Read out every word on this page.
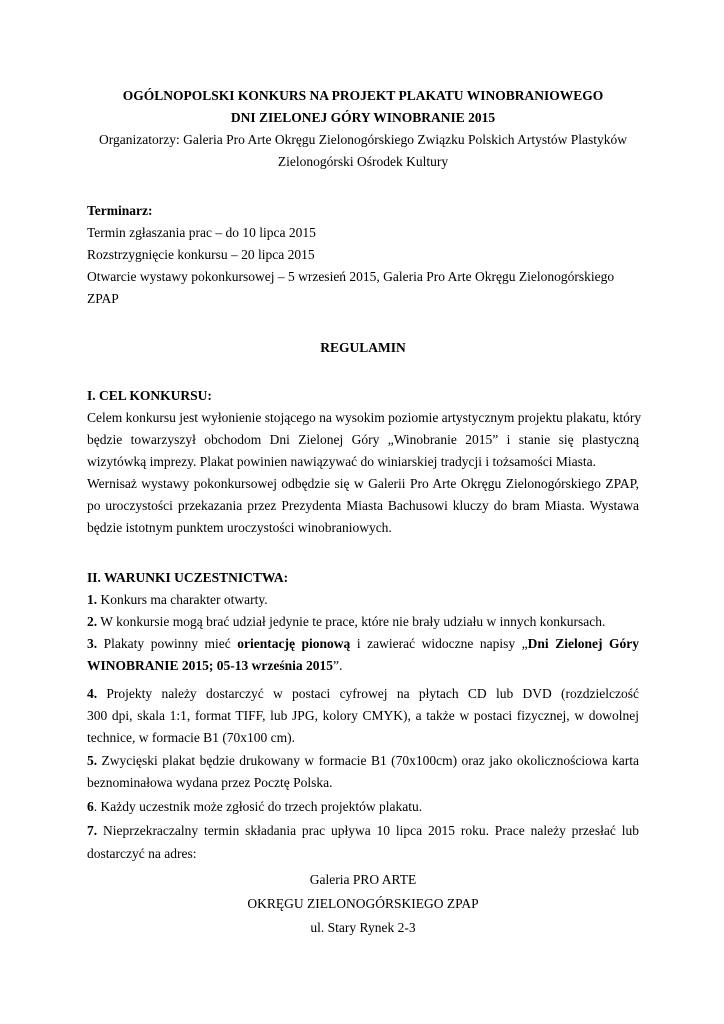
OGÓLNOPOLSKI KONKURS NA PROJEKT PLAKATU WINOBRANIOWEGO
DNI ZIELONEJ GÓRY WINOBRANIE 2015
Organizatorzy: Galeria Pro Arte Okręgu Zielonogórskiego Związku Polskich Artystów Plastyków
Zielonogórski Ośrodek Kultury
Terminarz:
Termin zgłaszania prac – do 10 lipca 2015
Rozstrzygnięcie konkursu – 20 lipca 2015
Otwarcie wystawy pokonkursowej – 5 wrzesień 2015, Galeria Pro Arte Okręgu Zielonogórskiego
ZPAP
REGULAMIN
I. CEL KONKURSU:
Celem konkursu jest wyłonienie stojącego na wysokim poziomie artystycznym projektu plakatu, który
będzie towarzyszył obchodom Dni Zielonej Góry „Winobranie 2015” i stanie się plastyczną
wizytówką imprezy. Plakat powinien nawiązywać do winiarskiej tradycji i tożsamości Miasta.
Wernisaż wystawy pokonkursowej odbędzie się w Galerii Pro Arte Okręgu Zielonogórskiego ZPAP,
po uroczystości przekazania przez Prezydenta Miasta Bachusowi kluczy do bram Miasta. Wystawa
będzie istotnym punktem uroczystości winobraniowych.
II. WARUNKI UCZESTNICTWA:
1. Konkurs ma charakter otwarty.
2. W konkursie mogą brać udział jedynie te prace, które nie brały udziału w innych konkursach.
3. Plakaty powinny mieć orientację pionową i zawierać widoczne napisy „Dni Zielonej Góry
WINOBRANIE 2015; 05-13 września 2015”.
4. Projekty należy dostarczyć w postaci cyfrowej na płytach CD lub DVD (rozdzielczość
300 dpi, skala 1:1, format TIFF, lub JPG, kolory CMYK), a także w postaci fizycznej, w dowolnej
technice, w formacie B1 (70x100 cm).
5. Zwycięski plakat będzie drukowany w formacie B1 (70x100cm) oraz jako okolicznościowa karta
beznominałowa wydana przez Pocztę Polska.
6. Każdy uczestnik może zgłosić do trzech projektów plakatu.
7. Nieprzekraczalny termin składania prac upływa 10 lipca 2015 roku. Prace należy przesłać lub
dostarczyć na adres:
Galeria PRO ARTE
OKRĘGU ZIELONOGÓRSKIEGO ZPAP
ul. Stary Rynek 2-3
